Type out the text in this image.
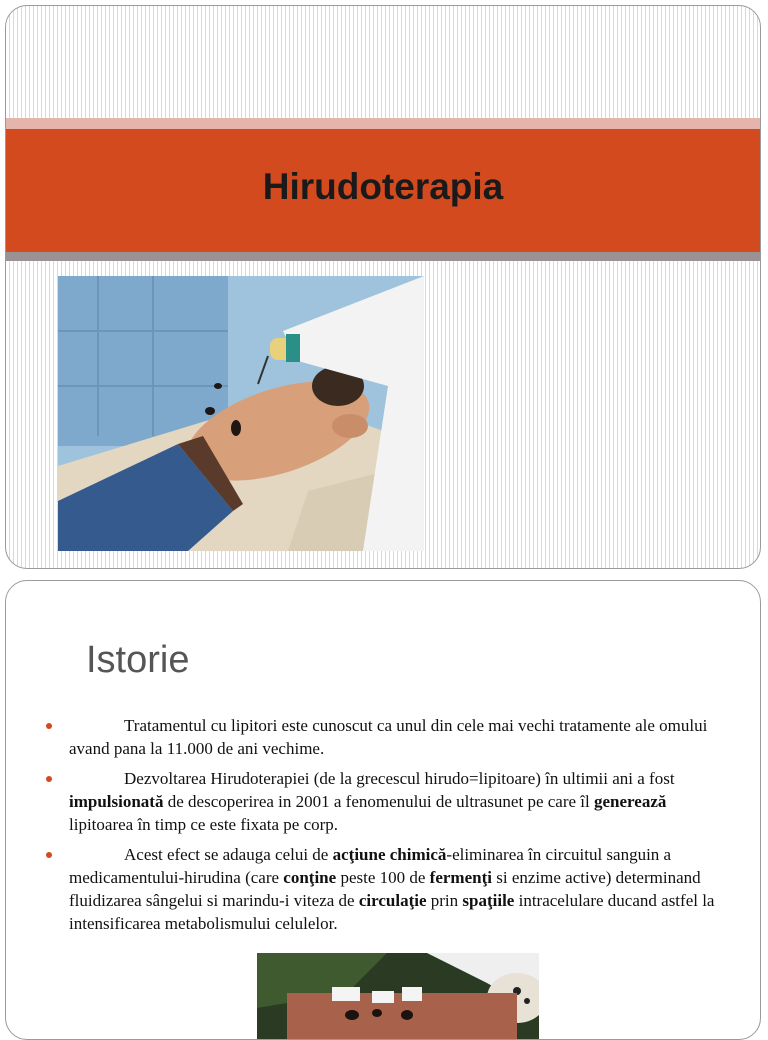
Hirudoterapia
Istorie
Tratamentul cu lipitori este cunoscut ca unul din cele mai vechi tratamente ale omului avand pana la 11.000 de ani vechime.
Dezvoltarea Hirudoterapiei (de la grecescul hirudo=lipitoare) în ultimii ani a fost impulsionată de descoperirea in 2001 a fenomenului de ultrasunet pe care îl generează lipitoarea în timp ce este fixata pe corp.
Acest efect se adauga celui de acţiune chimică-eliminarea în circuitul sanguin a medicamentului-hirudina (care conţine peste 100 de fermenţi si enzime active) determinand fluidizarea sângelui si marindu-i viteza de circulaţie prin spaţiile intracelulare ducand astfel la intensificarea metabolismului celulelor.
